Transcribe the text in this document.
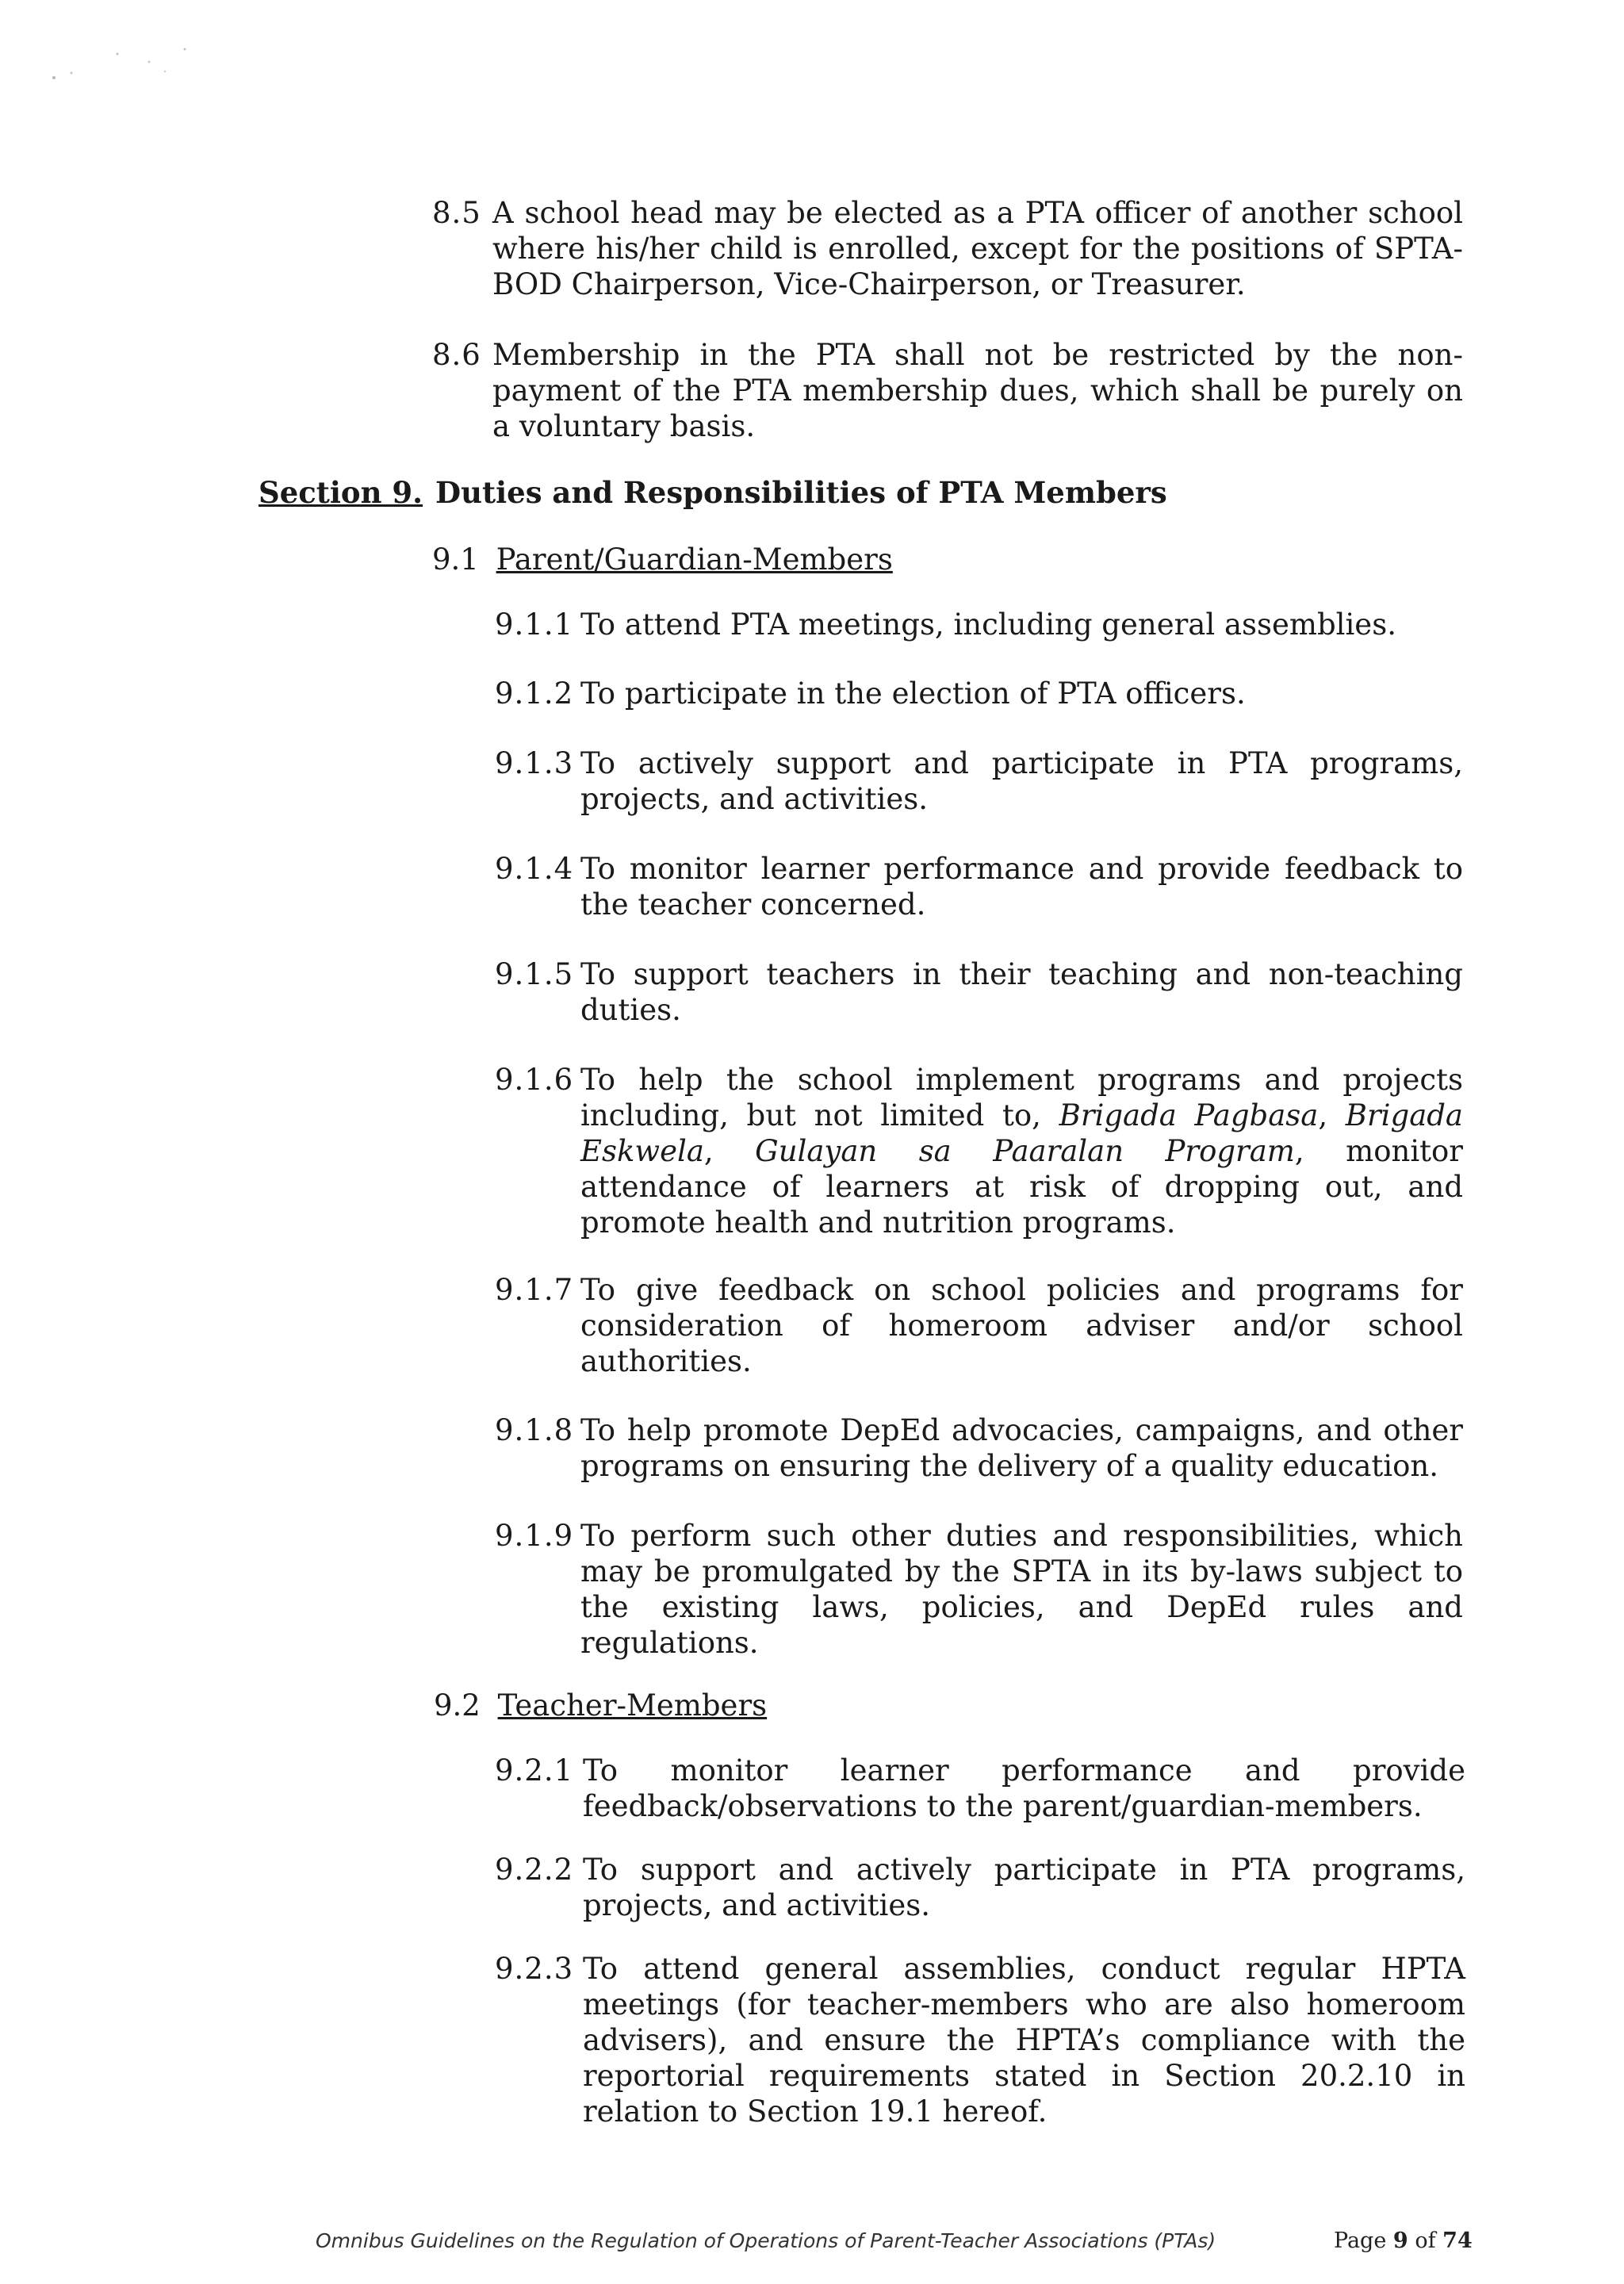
8.5 A school head may be elected as a PTA officer of another school where his/her child is enrolled, except for the positions of SPTA-BOD Chairperson, Vice-Chairperson, or Treasurer.
8.6 Membership in the PTA shall not be restricted by the non-payment of the PTA membership dues, which shall be purely on a voluntary basis.
Section 9. Duties and Responsibilities of PTA Members
9.1 Parent/Guardian-Members
9.1.1 To attend PTA meetings, including general assemblies.
9.1.2 To participate in the election of PTA officers.
9.1.3 To actively support and participate in PTA programs, projects, and activities.
9.1.4 To monitor learner performance and provide feedback to the teacher concerned.
9.1.5 To support teachers in their teaching and non-teaching duties.
9.1.6 To help the school implement programs and projects including, but not limited to, Brigada Pagbasa, Brigada Eskwela, Gulayan sa Paaralan Program, monitor attendance of learners at risk of dropping out, and promote health and nutrition programs.
9.1.7 To give feedback on school policies and programs for consideration of homeroom adviser and/or school authorities.
9.1.8 To help promote DepEd advocacies, campaigns, and other programs on ensuring the delivery of a quality education.
9.1.9 To perform such other duties and responsibilities, which may be promulgated by the SPTA in its by-laws subject to the existing laws, policies, and DepEd rules and regulations.
9.2 Teacher-Members
9.2.1 To monitor learner performance and provide feedback/observations to the parent/guardian-members.
9.2.2 To support and actively participate in PTA programs, projects, and activities.
9.2.3 To attend general assemblies, conduct regular HPTA meetings (for teacher-members who are also homeroom advisers), and ensure the HPTA’s compliance with the reportorial requirements stated in Section 20.2.10 in relation to Section 19.1 hereof.
Omnibus Guidelines on the Regulation of Operations of Parent-Teacher Associations (PTAs)	Page 9 of 74
